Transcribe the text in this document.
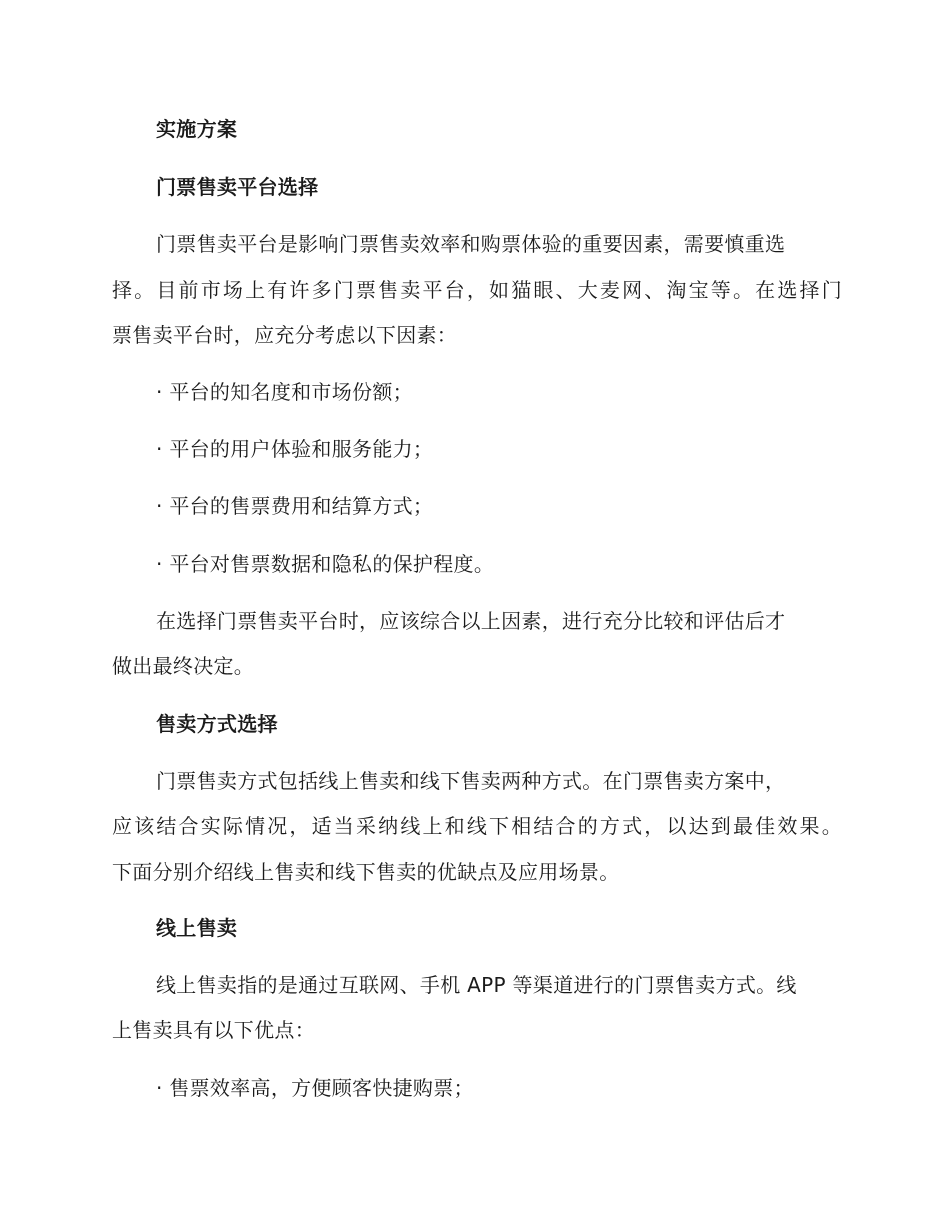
实施方案
门票售卖平台选择
门票售卖平台是影响门票售卖效率和购票体验的重要因素，需要慎重选
择。目前市场上有许多门票售卖平台，如猫眼、大麦网、淘宝等。在选择门
票售卖平台时，应充分考虑以下因素：
· 平台的知名度和市场份额；
· 平台的用户体验和服务能力；
· 平台的售票费用和结算方式；
· 平台对售票数据和隐私的保护程度。
在选择门票售卖平台时，应该综合以上因素，进行充分比较和评估后才
做出最终决定。
售卖方式选择
门票售卖方式包括线上售卖和线下售卖两种方式。在门票售卖方案中，
应该结合实际情况，适当采纳线上和线下相结合的方式，以达到最佳效果。
下面分别介绍线上售卖和线下售卖的优缺点及应用场景。
线上售卖
线上售卖指的是通过互联网、手机 APP 等渠道进行的门票售卖方式。线
上售卖具有以下优点：
· 售票效率高，方便顾客快捷购票；
